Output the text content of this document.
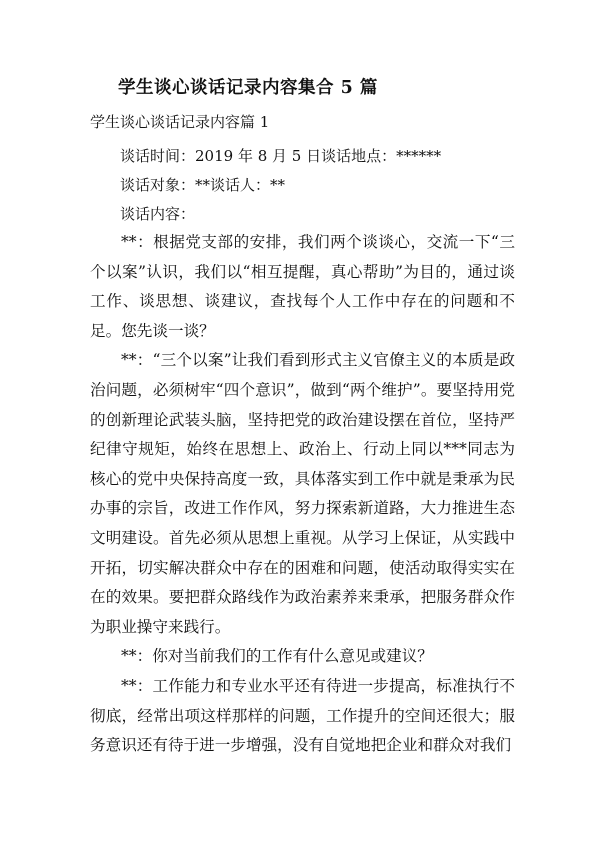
学生谈心谈话记录内容集合 5 篇
学生谈心谈话记录内容篇 1
谈话时间：2019 年 8 月 5 日谈话地点：******
谈话对象：**谈话人：**
谈话内容：

**：根据党支部的安排，我们两个谈谈心，交流一下“三个以案”认识，我们以“相互提醒，真心帮助”为目的，通过谈工作、谈思想、谈建议，查找每个人工作中存在的问题和不足。您先谈一谈？

**：“三个以案”让我们看到形式主义官僚主义的本质是政治问题，必须树牢“四个意识”，做到“两个维护”。要坚持用党的创新理论武装头脑，坚持把党的政治建设摆在首位，坚持严纪律守规矩，始终在思想上、政治上、行动上同以***同志为核心的党中央保持高度一致，具体落实到工作中就是秉承为民办事的宗旨，改进工作作风，努力探索新道路，大力推进生态文明建设。首先必须从思想上重视。从学习上保证，从实践中开拓，切实解决群众中存在的困难和问题，使活动取得实实在在的效果。要把群众路线作为政治素养来秉承，把服务群众作为职业操守来践行。

**：你对当前我们的工作有什么意见或建议？

**：工作能力和专业水平还有待进一步提高，标准执行不彻底，经常出项这样那样的问题，工作提升的空间还很大；服务意识还有待于进一步增强，没有自觉地把企业和群众对我们
